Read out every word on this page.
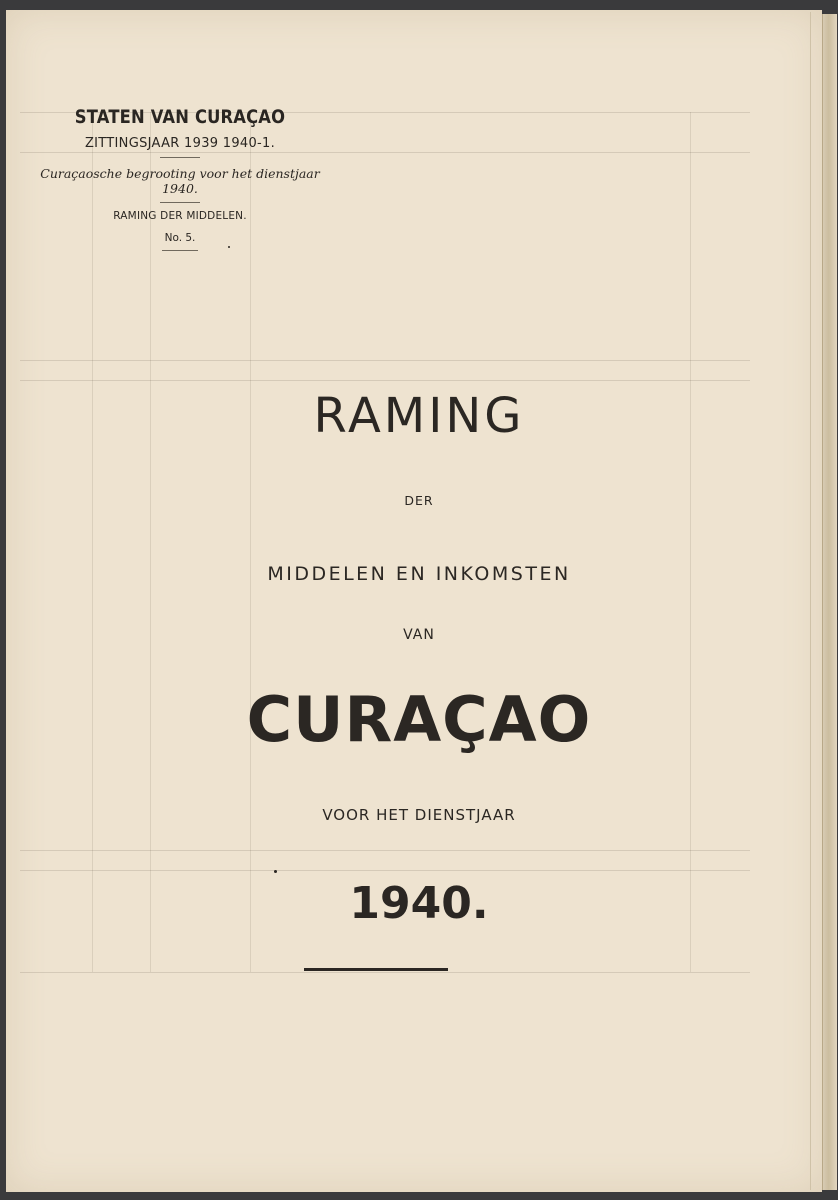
STATEN VAN CURAÇAO
ZITTINGSJAAR 1939 1940-1.
Curaçaosche begrooting voor het dienstjaar 1940.
RAMING DER MIDDELEN.
No. 5.
RAMING
DER
MIDDELEN EN INKOMSTEN
VAN
CURAÇAO
VOOR HET DIENSTJAAR
1940.
